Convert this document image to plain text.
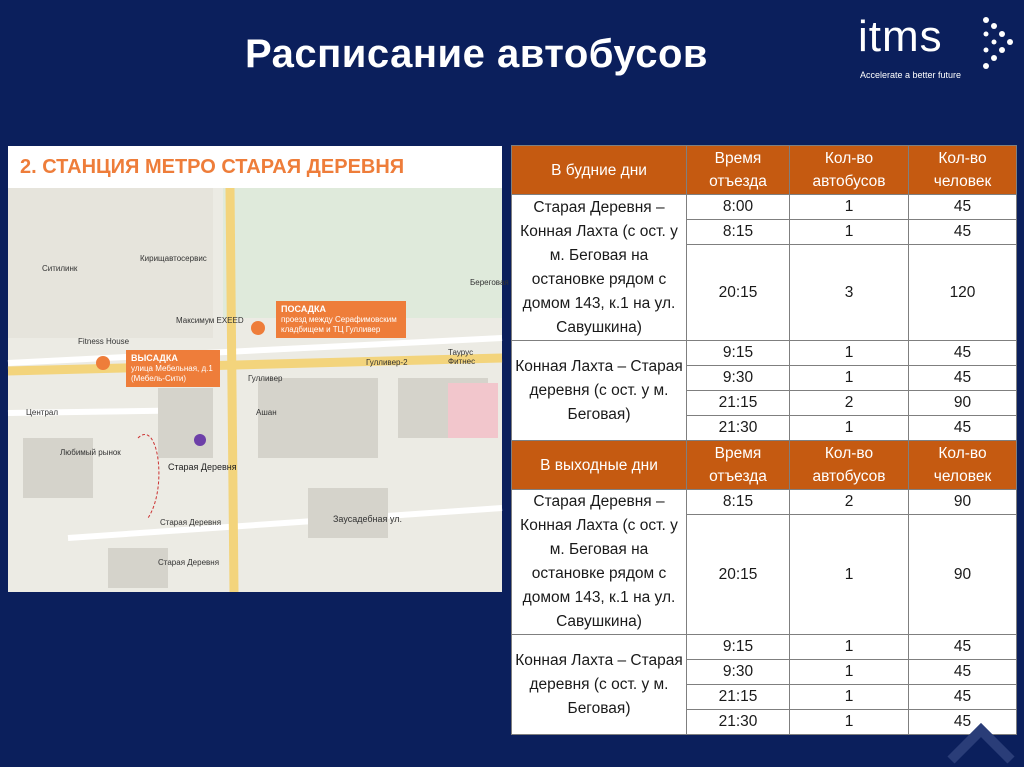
Расписание автобусов	itms
Accelerate a better future
2. СТАНЦИЯ МЕТРО СТАРАЯ ДЕРЕВНЯ
ПОСАДКА
проезд между Серафимовским кладбищем и ТЦ Гулливер
ВЫСАДКА
улица Мебельная, д.1 (Мебель-Сити)
Ситилинк
Кирищавтосервис
Максимум EXEED
Fitness House
Гулливер
Ашан
Централ
Любимый рынок
Старая Деревня
Заусадебная ул.
Таурус Фитнес
Гулливер-2
Береговая
Старая Деревня
Старая Деревня
В будние дни	Время отъезда	Кол-во автобусов	Кол-во человек
Старая Деревня – Конная Лахта (с ост. у м. Беговая на остановке рядом с домом 143, к.1 на ул. Савушкина)	8:00	1	45
	8:15	1	45
	20:15	3	120
Конная Лахта – Старая деревня (с ост. у м. Беговая)	9:15	1	45
	9:30	1	45
	21:15	2	90
	21:30	1	45
В выходные дни	Время отъезда	Кол-во автобусов	Кол-во человек
Старая Деревня – Конная Лахта (с ост. у м. Беговая на остановке рядом с домом 143, к.1 на ул. Савушкина)	8:15	2	90
	20:15	1	90
Конная Лахта – Старая деревня (с ост. у м. Беговая)	9:15	1	45
	9:30	1	45
	21:15	1	45
	21:30	1	45
